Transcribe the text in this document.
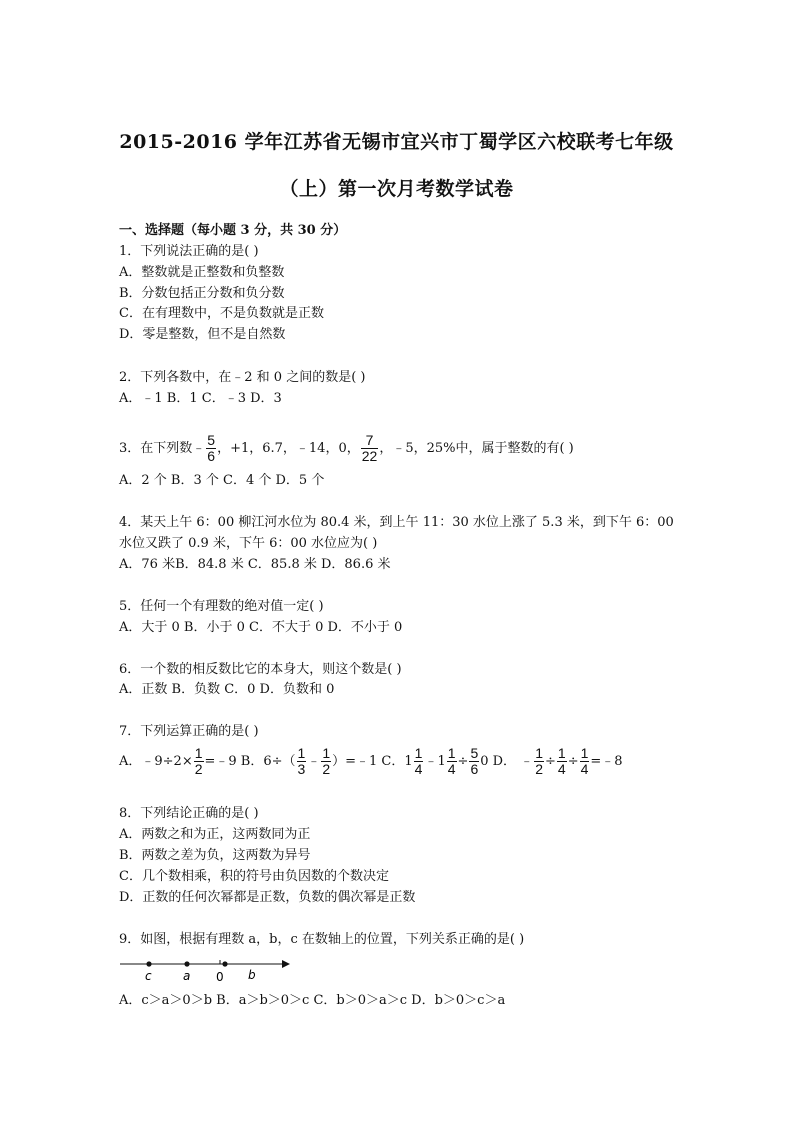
2015-2016 学年江苏省无锡市宜兴市丁蜀学区六校联考七年级
（上）第一次月考数学试卷
一、选择题（每小题 3 分，共 30 分）
1．下列说法正确的是( )
A．整数就是正整数和负整数
B．分数包括正分数和负分数
C．在有理数中，不是负数就是正数
D．零是整数，但不是自然数
2．下列各数中，在﹣2 和 0 之间的数是( )
A．﹣1 B．1 C．﹣3 D．3
3．在下列数﹣ $\frac{5}{6}$ ，+1，6.7，﹣14，0， $\frac{7}{22}$ ，﹣5，25%中，属于整数的有( )
A．2 个 B．3 个 C．4 个 D．5 个
4．某天上午 6：00 柳江河水位为 80.4 米，到上午 11：30 水位上涨了 5.3 米，到下午 6：00
水位又跌了 0.9 米，下午 6：00 水位应为( )
A．76 米B．84.8 米 C．85.8 米 D．86.6 米
5．任何一个有理数的绝对值一定( )
A．大于 0 B．小于 0 C．不大于 0 D．不小于 0
6．一个数的相反数比它的本身大，则这个数是( )
A．正数 B．负数 C．0 D．负数和 0
7．下列运算正确的是( )
A．﹣9÷2× $\frac{1}{2}$ =﹣9 B．$6\div( \frac{1}{3}$ ﹣ $\frac{1}{2}$ ）=﹣1 C．$1 \frac{1}{4}$ ﹣1 $\frac{1}{4} \div \frac{5}{6} 0$ D． ﹣ $\frac{1}{2} \div \frac{1}{4} \div \frac{1}{4}$ =﹣8
8．下列结论正确的是( )
A．两数之和为正，这两数同为正
B．两数之差为负，这两数为异号
C．几个数相乘，积的符号由负因数的个数决定
D．正数的任何次幂都是正数，负数的偶次幂是正数
9．如图，根据有理数 a，b，c 在数轴上的位置，下列关系正确的是( )
c	a 0 b
A．c＞a＞0＞b B．a＞b＞0＞c C．b＞0＞a＞c D．b＞0＞c＞a
